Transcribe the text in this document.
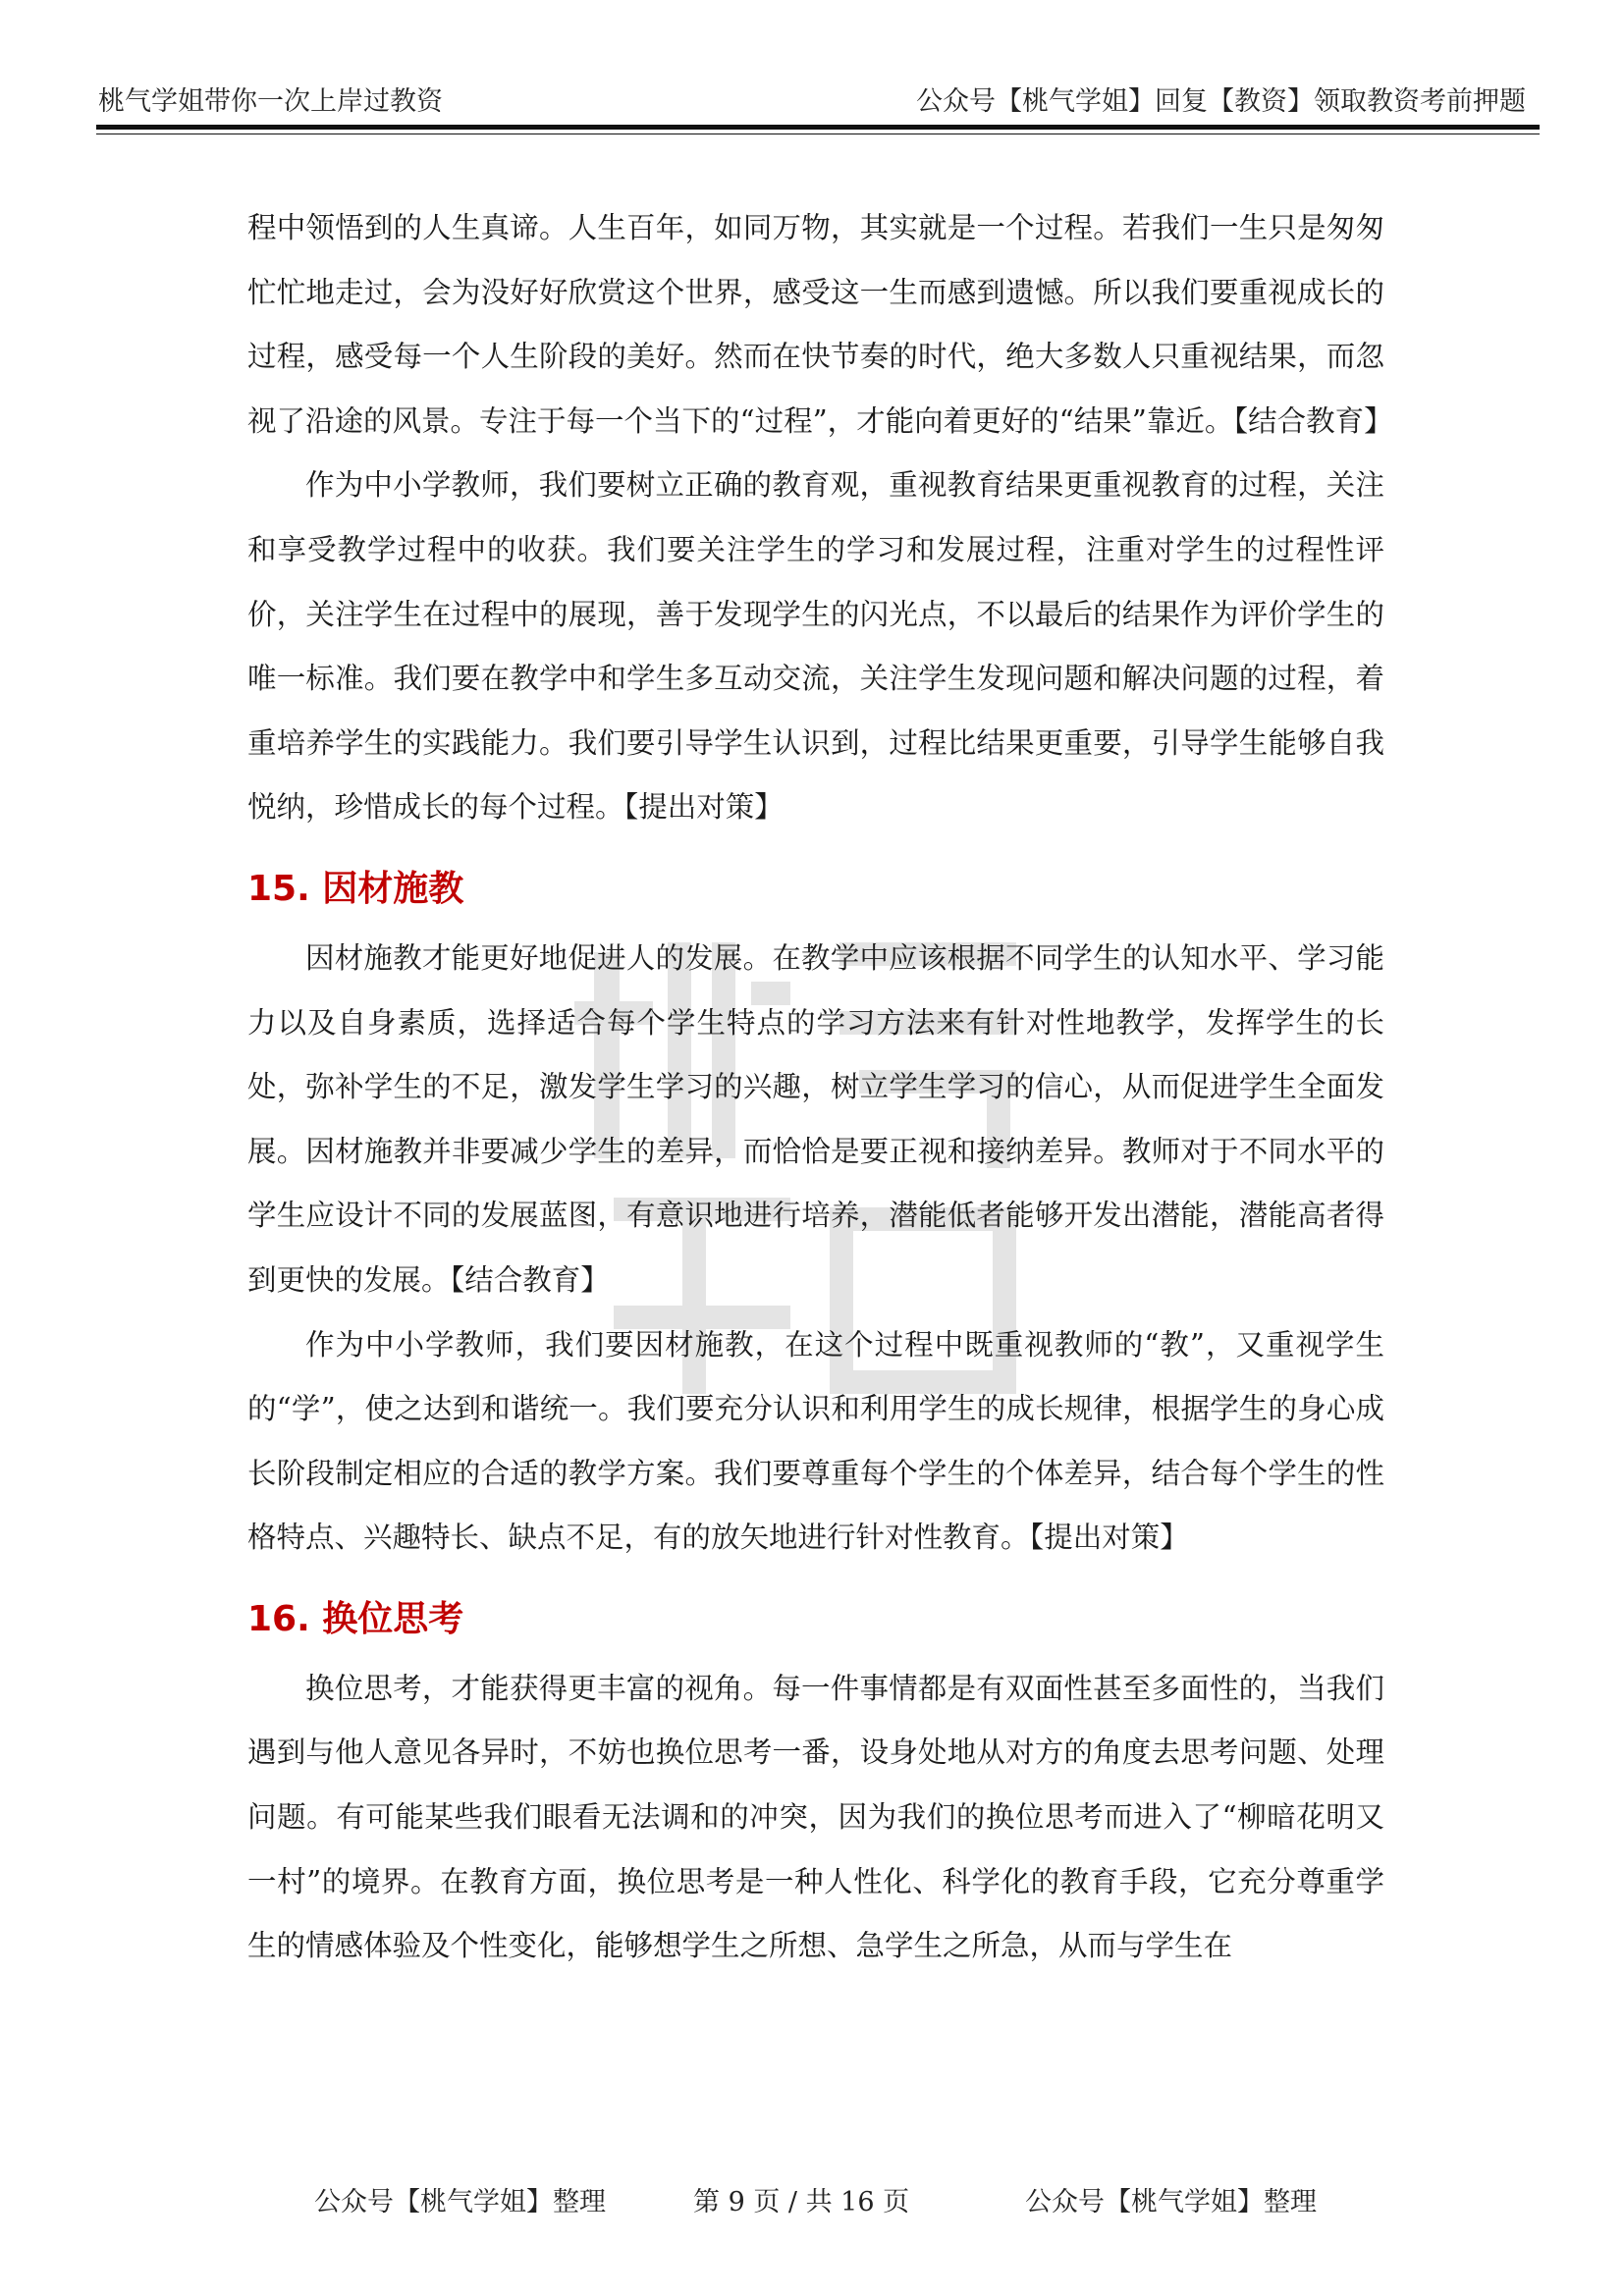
桃气学姐带你一次上岸过教资	公众号【桃气学姐】回复【教资】领取教资考前押题

程中领悟到的人生真谛。人生百年，如同万物，其实就是一个过程。若我们一生只是匆匆忙忙地走过，会为没好好欣赏这个世界，感受这一生而感到遗憾。所以我们要重视成长的过程，感受每一个人生阶段的美好。然而在快节奏的时代，绝大多数人只重视结果，而忽视了沿途的风景。专注于每一个当下的“过程”，才能向着更好的“结果”靠近。【结合教育】

作为中小学教师，我们要树立正确的教育观，重视教育结果更重视教育的过程，关注和享受教学过程中的收获。我们要关注学生的学习和发展过程，注重对学生的过程性评价，关注学生在过程中的展现，善于发现学生的闪光点，不以最后的结果作为评价学生的唯一标准。我们要在教学中和学生多互动交流，关注学生发现问题和解决问题的过程，着重培养学生的实践能力。我们要引导学生认识到，过程比结果更重要，引导学生能够自我悦纳，珍惜成长的每个过程。【提出对策】

15. 因材施教

因材施教才能更好地促进人的发展。在教学中应该根据不同学生的认知水平、学习能力以及自身素质，选择适合每个学生特点的学习方法来有针对性地教学，发挥学生的长处，弥补学生的不足，激发学生学习的兴趣，树立学生学习的信心，从而促进学生全面发展。因材施教并非要减少学生的差异，而恰恰是要正视和接纳差异。教师对于不同水平的学生应设计不同的发展蓝图，有意识地进行培养，潜能低者能够开发出潜能，潜能高者得到更快的发展。【结合教育】

作为中小学教师，我们要因材施教，在这个过程中既重视教师的“教”，又重视学生的“学”，使之达到和谐统一。我们要充分认识和利用学生的成长规律，根据学生的身心成长阶段制定相应的合适的教学方案。我们要尊重每个学生的个体差异，结合每个学生的性格特点、兴趣特长、缺点不足，有的放矢地进行针对性教育。【提出对策】

16. 换位思考

换位思考，才能获得更丰富的视角。每一件事情都是有双面性甚至多面性的，当我们遇到与他人意见各异时，不妨也换位思考一番，设身处地从对方的角度去思考问题、处理问题。有可能某些我们眼看无法调和的冲突，因为我们的换位思考而进入了“柳暗花明又一村”的境界。在教育方面，换位思考是一种人性化、科学化的教育手段，它充分尊重学生的情感体验及个性变化，能够想学生之所想、急学生之所急，从而与学生在

公众号【桃气学姐】整理	第 9 页 / 共 16 页	公众号【桃气学姐】整理
